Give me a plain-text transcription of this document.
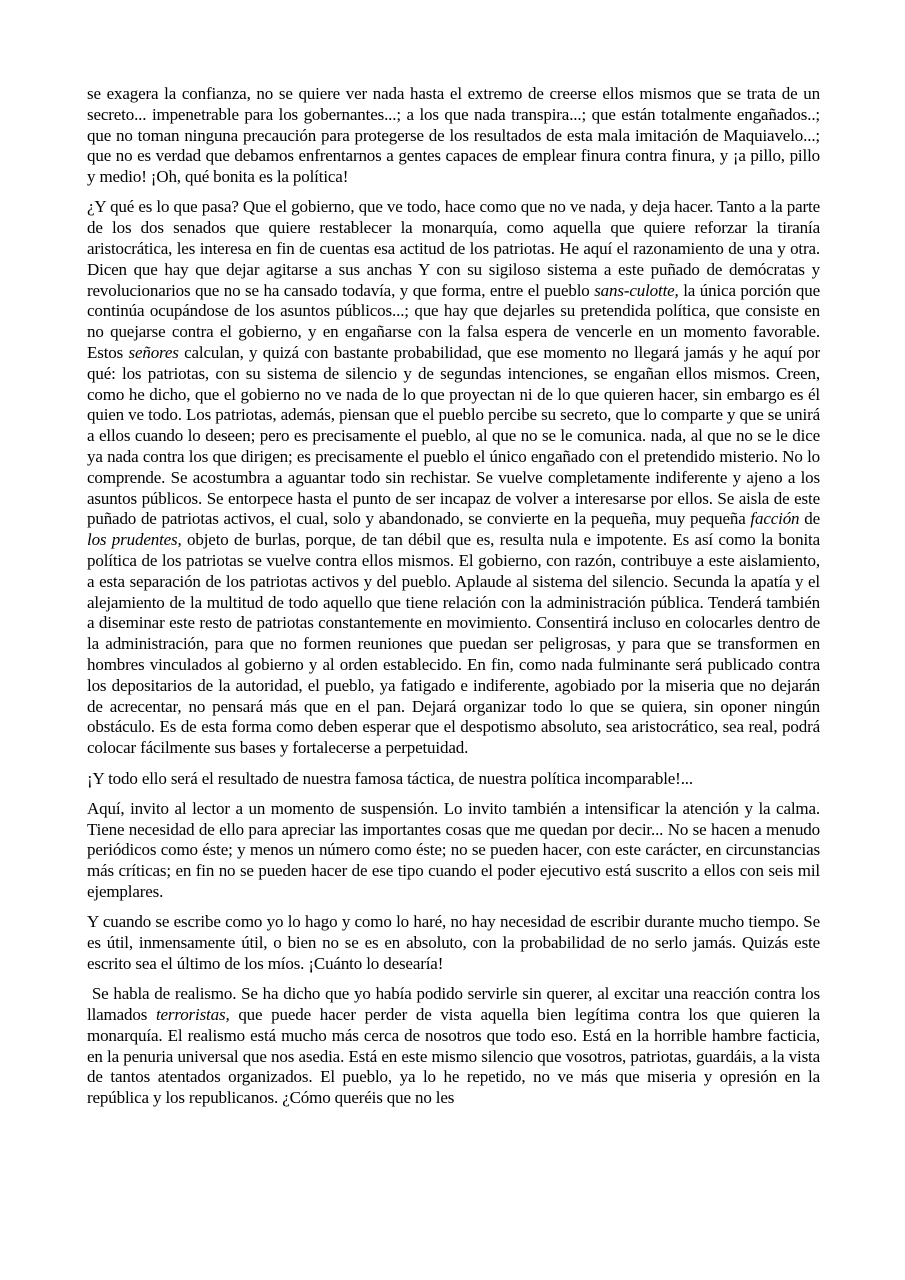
se exagera la confianza, no se quiere ver nada hasta el extremo de creerse ellos mismos que se trata de un secreto... impenetrable para los gobernantes...; a los que nada transpira...; que están totalmente engañados..; que no toman ninguna precaución para protegerse de los resultados de esta mala imitación de Maquiavelo...; que no es verdad que debamos enfrentarnos a gentes capaces de emplear finura contra finura, y ¡a pillo, pillo y medio! ¡Oh, qué bonita es la política!

¿Y qué es lo que pasa? Que el gobierno, que ve todo, hace como que no ve nada, y deja hacer. Tanto a la parte de los dos senados que quiere restablecer la monarquía, como aquella que quiere reforzar la tiranía aristocrática, les interesa en fin de cuentas esa actitud de los patriotas. He aquí el razonamiento de una y otra. Dicen que hay que dejar agitarse a sus anchas Y con su sigiloso sistema a este puñado de demócratas y revolucionarios que no se ha cansado todavía, y que forma, entre el pueblo sans-culotte, la única porción que continúa ocupándose de los asuntos públicos...; que hay que dejarles su pretendida política, que consiste en no quejarse contra el gobierno, y en engañarse con la falsa espera de vencerle en un momento favorable. Estos señores calculan, y quizá con bastante probabilidad, que ese momento no llegará jamás y he aquí por qué: los patriotas, con su sistema de silencio y de segundas intenciones, se engañan ellos mismos. Creen, como he dicho, que el gobierno no ve nada de lo que proyectan ni de lo que quieren hacer, sin embargo es él quien ve todo. Los patriotas, además, piensan que el pueblo percibe su secreto, que lo comparte y que se unirá a ellos cuando lo deseen; pero es precisamente el pueblo, al que no se le comunica. nada, al que no se le dice ya nada contra los que dirigen; es precisamente el pueblo el único engañado con el pretendido misterio. No lo comprende. Se acostumbra a aguantar todo sin rechistar. Se vuelve completamente indiferente y ajeno a los asuntos públicos. Se entorpece hasta el punto de ser incapaz de volver a interesarse por ellos. Se aisla de este puñado de patriotas activos, el cual, solo y abandonado, se convierte en la pequeña, muy pequeña facción de los prudentes, objeto de burlas, porque, de tan débil que es, resulta nula e impotente. Es así como la bonita política de los patriotas se vuelve contra ellos mismos. El gobierno, con razón, contribuye a este aislamiento, a esta separación de los patriotas activos y del pueblo. Aplaude al sistema del silencio. Secunda la apatía y el alejamiento de la multitud de todo aquello que tiene relación con la administración pública. Tenderá también a diseminar este resto de patriotas constantemente en movimiento. Consentirá incluso en colocarles dentro de la administración, para que no formen reuniones que puedan ser peligrosas, y para que se transformen en hombres vinculados al gobierno y al orden establecido. En fin, como nada fulminante será publicado contra los depositarios de la autoridad, el pueblo, ya fatigado e indiferente, agobiado por la miseria que no dejarán de acrecentar, no pensará más que en el pan. Dejará organizar todo lo que se quiera, sin oponer ningún obstáculo. Es de esta forma como deben esperar que el despotismo absoluto, sea aristocrático, sea real, podrá colocar fácilmente sus bases y fortalecerse a perpetuidad.

¡Y todo ello será el resultado de nuestra famosa táctica, de nuestra política incomparable!...

Aquí, invito al lector a un momento de suspensión. Lo invito también a intensificar la atención y la calma. Tiene necesidad de ello para apreciar las importantes cosas que me quedan por decir... No se hacen a menudo periódicos como éste; y menos un número como éste; no se pueden hacer, con este carácter, en circunstancias más críticas; en fin no se pueden hacer de ese tipo cuando el poder ejecutivo está suscrito a ellos con seis mil ejemplares.

Y cuando se escribe como yo lo hago y como lo haré, no hay necesidad de escribir durante mucho tiempo. Se es útil, inmensamente útil, o bien no se es en absoluto, con la probabilidad de no serlo jamás. Quizás este escrito sea el último de los míos. ¡Cuánto lo desearía!

Se habla de realismo. Se ha dicho que yo había podido servirle sin querer, al excitar una reacción contra los llamados terroristas, que puede hacer perder de vista aquella bien legítima contra los que quieren la monarquía. El realismo está mucho más cerca de nosotros que todo eso. Está en la horrible hambre facticia, en la penuria universal que nos asedia. Está en este mismo silencio que vosotros, patriotas, guardáis, a la vista de tantos atentados organizados. El pueblo, ya lo he repetido, no ve más que miseria y opresión en la república y los republicanos. ¿Cómo queréis que no les
